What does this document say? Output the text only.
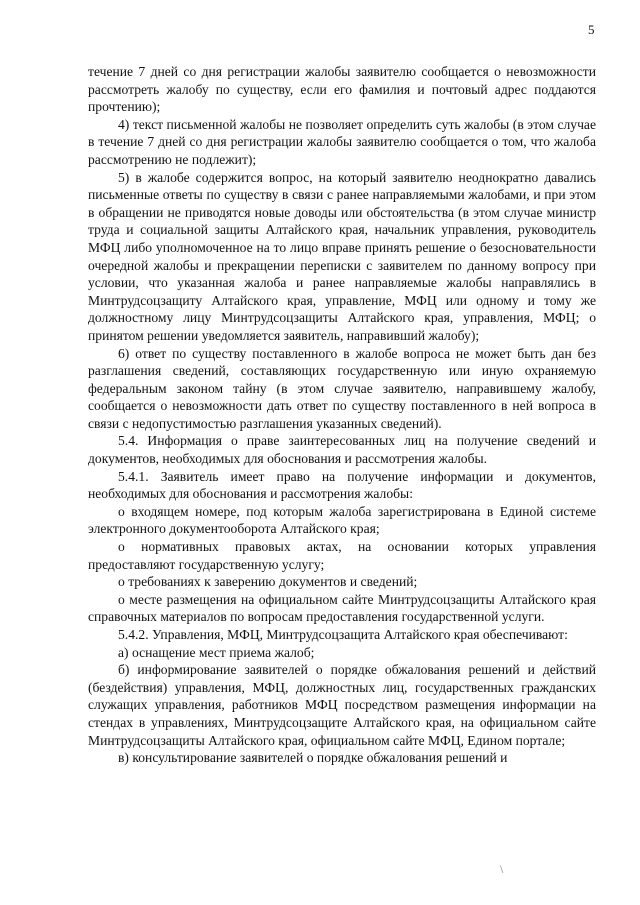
5

течение 7 дней со дня регистрации жалобы заявителю сообщается о невозможности рассмотреть жалобу по существу, если его фамилия и почтовый адрес поддаются прочтению);

4) текст письменной жалобы не позволяет определить суть жалобы (в этом случае в течение 7 дней со дня регистрации жалобы заявителю сообщается о том, что жалоба рассмотрению не подлежит);

5) в жалобе содержится вопрос, на который заявителю неоднократно давались письменные ответы по существу в связи с ранее направляемыми жалобами, и при этом в обращении не приводятся новые доводы или обстоятельства (в этом случае министр труда и социальной защиты Алтайского края, начальник управления, руководитель МФЦ либо уполномоченное на то лицо вправе принять решение о безосновательности очередной жалобы и прекращении переписки с заявителем по данному вопросу при условии, что указанная жалоба и ранее направляемые жалобы направлялись в Минтрудсоцзащиту Алтайского края, управление, МФЦ или одному и тому же должностному лицу Минтрудсоцзащиты Алтайского края, управления, МФЦ; о принятом решении уведомляется заявитель, направивший жалобу);

6) ответ по существу поставленного в жалобе вопроса не может быть дан без разглашения сведений, составляющих государственную или иную охраняемую федеральным законом тайну (в этом случае заявителю, направившему жалобу, сообщается о невозможности дать ответ по существу поставленного в ней вопроса в связи с недопустимостью разглашения указанных сведений).

5.4. Информация о праве заинтересованных лиц на получение сведений и документов, необходимых для обоснования и рассмотрения жалобы.

5.4.1. Заявитель имеет право на получение информации и документов, необходимых для обоснования и рассмотрения жалобы:

о входящем номере, под которым жалоба зарегистрирована в Единой системе электронного документооборота Алтайского края;

о нормативных правовых актах, на основании которых управления предоставляют государственную услугу;

о требованиях к заверению документов и сведений;

о месте размещения на официальном сайте Минтрудсоцзащиты Алтайского края справочных материалов по вопросам предоставления государственной услуги.

5.4.2. Управления, МФЦ, Минтрудсоцзащита Алтайского края обеспечивают:

а) оснащение мест приема жалоб;

б) информирование заявителей о порядке обжалования решений и действий (бездействия) управления, МФЦ, должностных лиц, государственных гражданских служащих управления, работников МФЦ посредством размещения информации на стендах в управлениях, Минтрудсоцзащите Алтайского края, на официальном сайте Минтрудсоцзащиты Алтайского края, официальном сайте МФЦ, Едином портале;

в) консультирование заявителей о порядке обжалования решений и

\
